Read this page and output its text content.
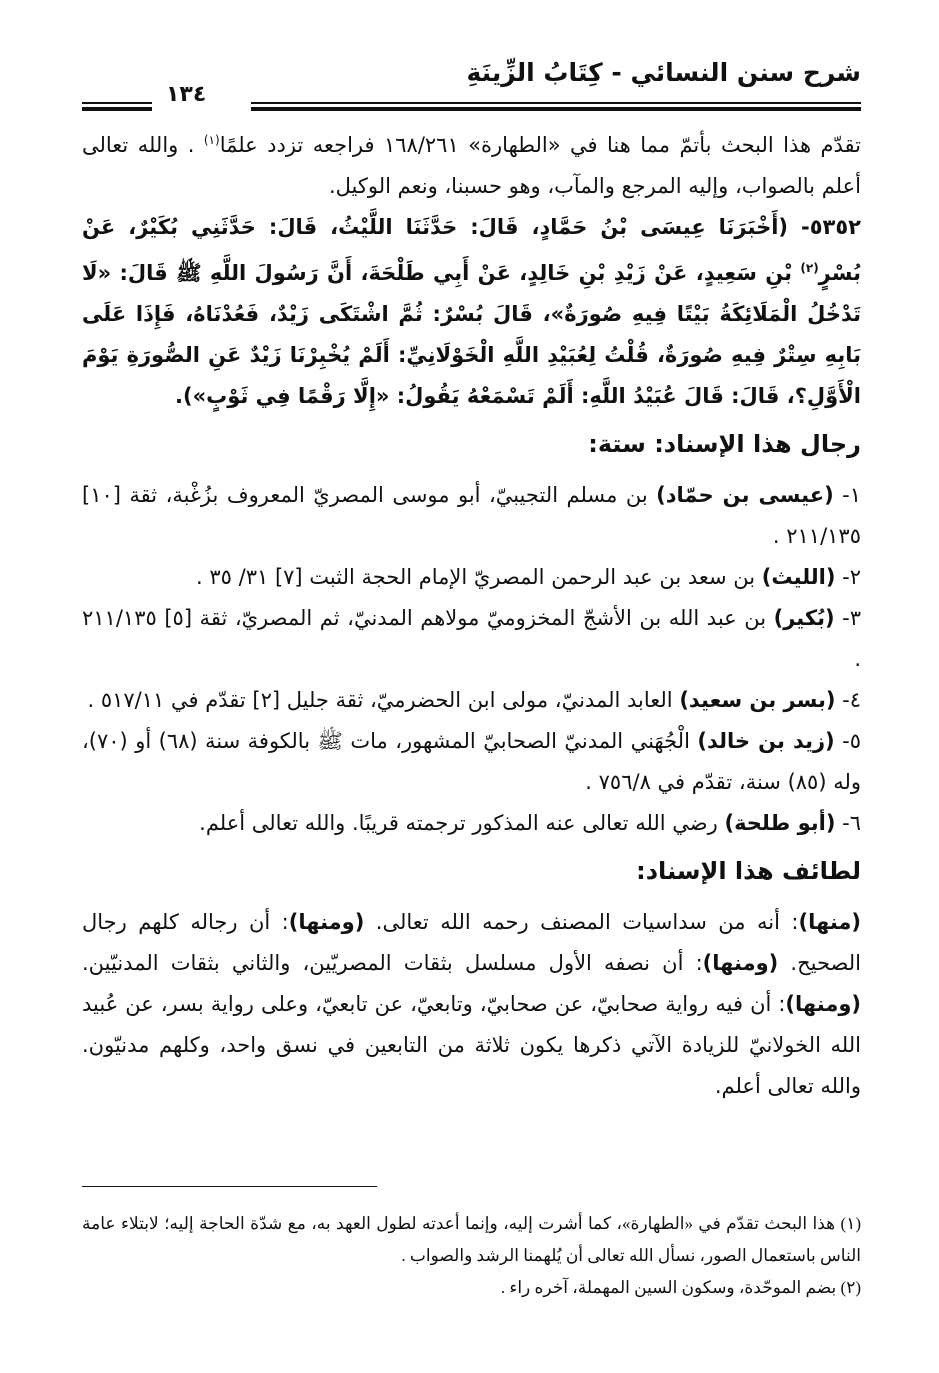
شرح سنن النسائي - كِتَابُ الزِّينَةِ
١٣٤

تقدّم هذا البحث بأتمّ مما هنا في «الطهارة» ١٦٨/٢٦١ فراجعه تزدد علمًا$^{(١)}$ . والله تعالى أعلم بالصواب، وإليه المرجع والمآب، وهو حسبنا، ونعم الوكيل.

٥٣٥٢- (أَخْبَرَنَا عِيسَى بْنُ حَمَّادٍ، قَالَ: حَدَّثَنَا اللَّيْثُ، قَالَ: حَدَّثَنِي بُكَيْرٌ، عَنْ بُسْرٍ$^{(٢)}$ بْنِ سَعِيدٍ، عَنْ زَيْدِ بْنِ خَالِدٍ، عَنْ أَبِي طَلْحَةَ، أَنَّ رَسُولَ اللَّهِ ﷺ قَالَ: «لَا تَدْخُلُ الْمَلَائِكَةُ بَيْتًا فِيهِ صُورَةٌ»، قَالَ بُسْرٌ: ثُمَّ اشْتَكَى زَيْدٌ، فَعُدْنَاهُ، فَإِذَا عَلَى بَابِهِ سِتْرٌ فِيهِ صُورَةٌ، قُلْتُ لِعُبَيْدِ اللَّهِ الْخَوْلَانِيِّ: أَلَمْ يُخْبِرْنَا زَيْدٌ عَنِ الصُّورَةِ يَوْمَ الْأَوَّلِ؟، قَالَ: قَالَ عُبَيْدُ اللَّهِ: أَلَمْ تَسْمَعْهُ يَقُولُ: «إِلَّا رَقْمًا فِي ثَوْبٍ»).

رجال هذا الإسناد: ستة:

١- (عيسى بن حمّاد) بن مسلم التجيبيّ، أبو موسى المصريّ المعروف بزُغْبة، ثقة [١٠] ٢١١/١٣٥ .

٢- (الليث) بن سعد بن عبد الرحمن المصريّ الإمام الحجة الثبت [٧] ٣١/ ٣٥ .

٣- (بُكير) بن عبد الله بن الأشجّ المخزوميّ مولاهم المدنيّ، ثم المصريّ، ثقة [٥] ٢١١/١٣٥ .

٤- (بسر بن سعيد) العابد المدنيّ، مولى ابن الحضرميّ، ثقة جليل [٢] تقدّم في ٥١٧/١١ .

٥- (زيد بن خالد) الْجُهَني المدنيّ الصحابيّ المشهور، مات ﷺ بالكوفة سنة (٦٨) أو (٧٠)، وله (٨٥) سنة، تقدّم في ٧٥٦/٨ .

٦- (أبو طلحة) رضي الله تعالى عنه المذكور ترجمته قريبًا. والله تعالى أعلم.

لطائف هذا الإسناد:

(منها): أنه من سداسيات المصنف رحمه الله تعالى. (ومنها): أن رجاله كلهم رجال الصحيح. (ومنها): أن نصفه الأول مسلسل بثقات المصريّين، والثاني بثقات المدنيّين. (ومنها): أن فيه رواية صحابيّ، عن صحابيّ، وتابعيّ، عن تابعيّ، وعلى رواية بسر، عن عُبيد الله الخولانيّ للزيادة الآتي ذكرها يكون ثلاثة من التابعين في نسق واحد، وكلهم مدنيّون. والله تعالى أعلم.

(١) هذا البحث تقدّم في «الطهارة»، كما أشرت إليه، وإنما أعدته لطول العهد به، مع شدّة الحاجة إليه؛ لابتلاء عامة الناس باستعمال الصور، نسأل الله تعالى أن يُلهمنا الرشد والصواب .

(٢) بضم الموحّدة، وسكون السين المهملة، آخره راء .
